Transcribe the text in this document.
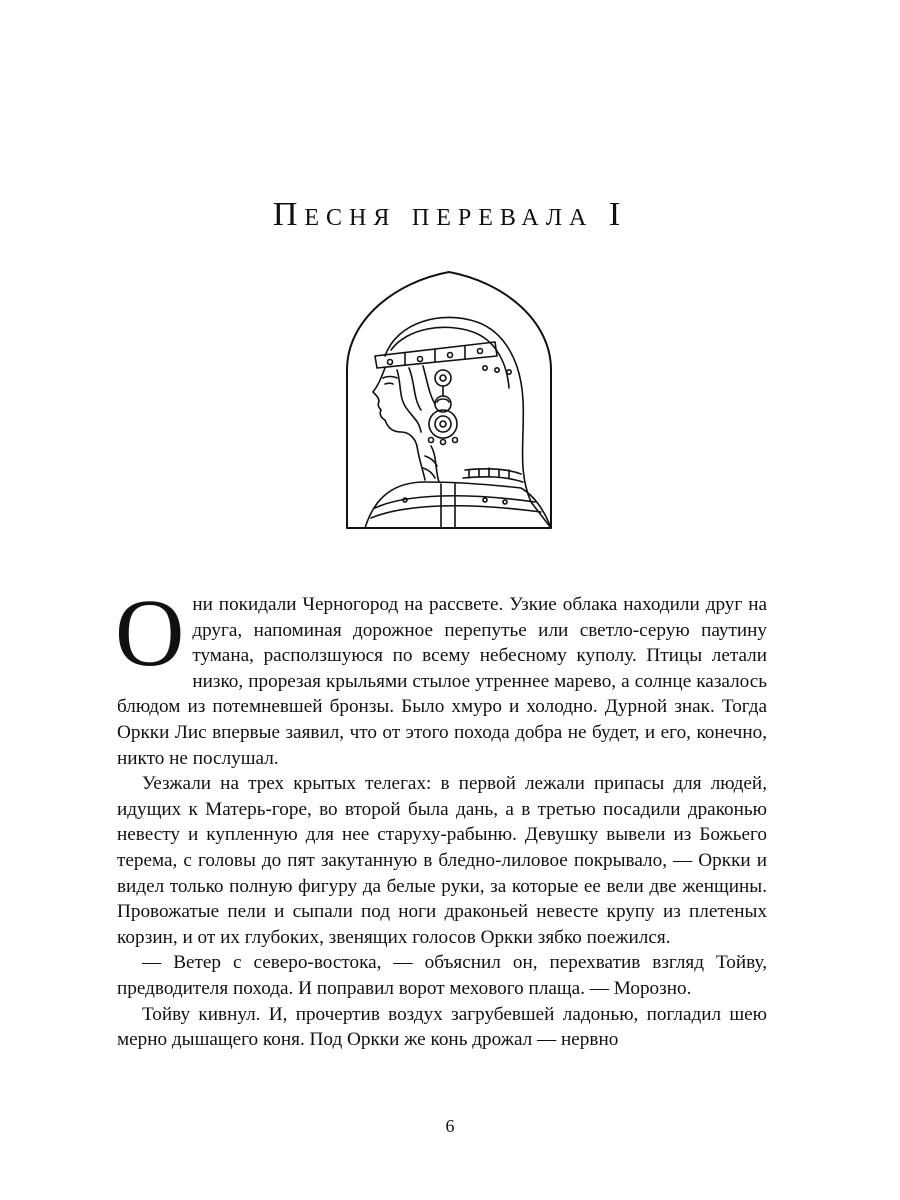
Песня перевала I

Они покидали Черногород на рассвете. Узкие облака находили друг на друга, напоминая дорожное перепутье или светло-серую паутину тумана, расползшуюся по всему небесному куполу. Птицы летали низко, прорезая крыльями стылое утреннее марево, а солнце казалось блюдом из потемневшей бронзы. Было хмуро и холодно. Дурной знак. Тогда Оркки Лис впервые заявил, что от этого похода добра не будет, и его, конечно, никто не послушал.

Уезжали на трех крытых телегах: в первой лежали припасы для людей, идущих к Матерь-горе, во второй была дань, а в третью посадили драконью невесту и купленную для нее старуху-рабыню. Девушку вывели из Божьего терема, с головы до пят закутанную в бледно-лиловое покрывало, — Оркки и видел только полную фигуру да белые руки, за которые ее вели две женщины. Провожатые пели и сыпали под ноги драконьей невесте крупу из плетеных корзин, и от их глубоких, звенящих голосов Оркки зябко поежился.

— Ветер с северо-востока, — объяснил он, перехватив взгляд Тойву, предводителя похода. И поправил ворот мехового плаща. — Морозно.

Тойву кивнул. И, прочертив воздух загрубевшей ладонью, погладил шею мерно дышащего коня. Под Оркки же конь дрожал — нервно

6
